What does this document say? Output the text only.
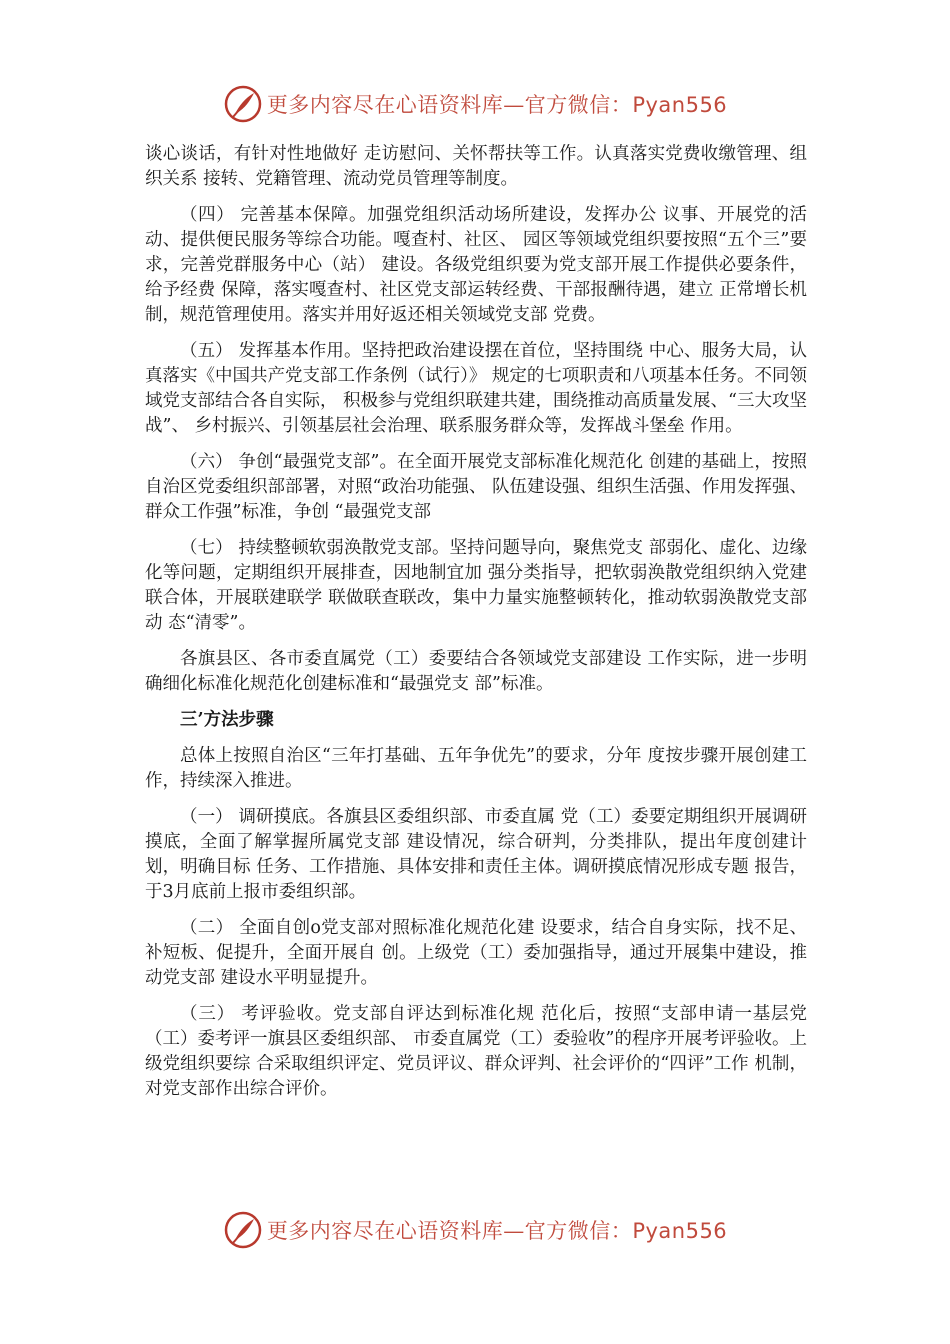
更多内容尽在心语资料库—官方微信：Pyan556

谈心谈话，有针对性地做好 走访慰问、关怀帮扶等工作。认真落实党费收缴管理、组织关系 接转、党籍管理、流动党员管理等制度。

（四） 完善基本保障。加强党组织活动场所建设，发挥办公 议事、开展党的活动、提供便民服务等综合功能。嘎查村、社区、 园区等领域党组织要按照“五个三”要求，完善党群服务中心（站） 建设。各级党组织要为党支部开展工作提供必要条件，给予经费 保障，落实嘎查村、社区党支部运转经费、干部报酬待遇，建立 正常增长机制，规范管理使用。落实并用好返还相关领域党支部 党费。

（五） 发挥基本作用。坚持把政治建设摆在首位，坚持围绕 中心、服务大局，认真落实《中国共产党支部工作条例（试行）》 规定的七项职责和八项基本任务。不同领域党支部结合各自实际， 积极参与党组织联建共建，围绕推动高质量发展、“三大攻坚战”、 乡村振兴、引领基层社会治理、联系服务群众等，发挥战斗堡垒 作用。

（六） 争创“最强党支部”。在全面开展党支部标准化规范化 创建的基础上，按照自治区党委组织部部署，对照“政治功能强、 队伍建设强、组织生活强、作用发挥强、群众工作强”标准，争创 “最强党支部

（七） 持续整顿软弱涣散党支部。坚持问题导向，聚焦党支 部弱化、虚化、边缘化等问题，定期组织开展排查，因地制宜加 强分类指导，把软弱涣散党组织纳入党建联合体，开展联建联学 联做联查联改，集中力量实施整顿转化，推动软弱涣散党支部动 态“清零”。

各旗县区、各市委直属党（工）委要结合各领域党支部建设 工作实际，进一步明确细化标准化规范化创建标准和“最强党支 部”标准。

三’方法步骤

总体上按照自治区“三年打基础、五年争优先”的要求，分年 度按步骤开展创建工作，持续深入推进。

（一） 调研摸底。各旗县区委组织部、市委直属 党（工）委要定期组织开展调研摸底，全面了解掌握所属党支部 建设情况，综合研判，分类排队，提出年度创建计划，明确目标 任务、工作措施、具体安排和责任主体。调研摸底情况形成专题 报告，于3月底前上报市委组织部。

（二） 全面自创o党支部对照标准化规范化建 设要求，结合自身实际，找不足、补短板、促提升，全面开展自 创。上级党（工）委加强指导，通过开展集中建设，推动党支部 建设水平明显提升。

（三） 考评验收。党支部自评达到标准化规 范化后，按照“支部申请一基层党（工）委考评一旗县区委组织部、 市委直属党（工）委验收”的程序开展考评验收。上级党组织要综 合采取组织评定、党员评议、群众评判、社会评价的“四评”工作 机制，对党支部作出综合评价。

更多内容尽在心语资料库—官方微信：Pyan556
